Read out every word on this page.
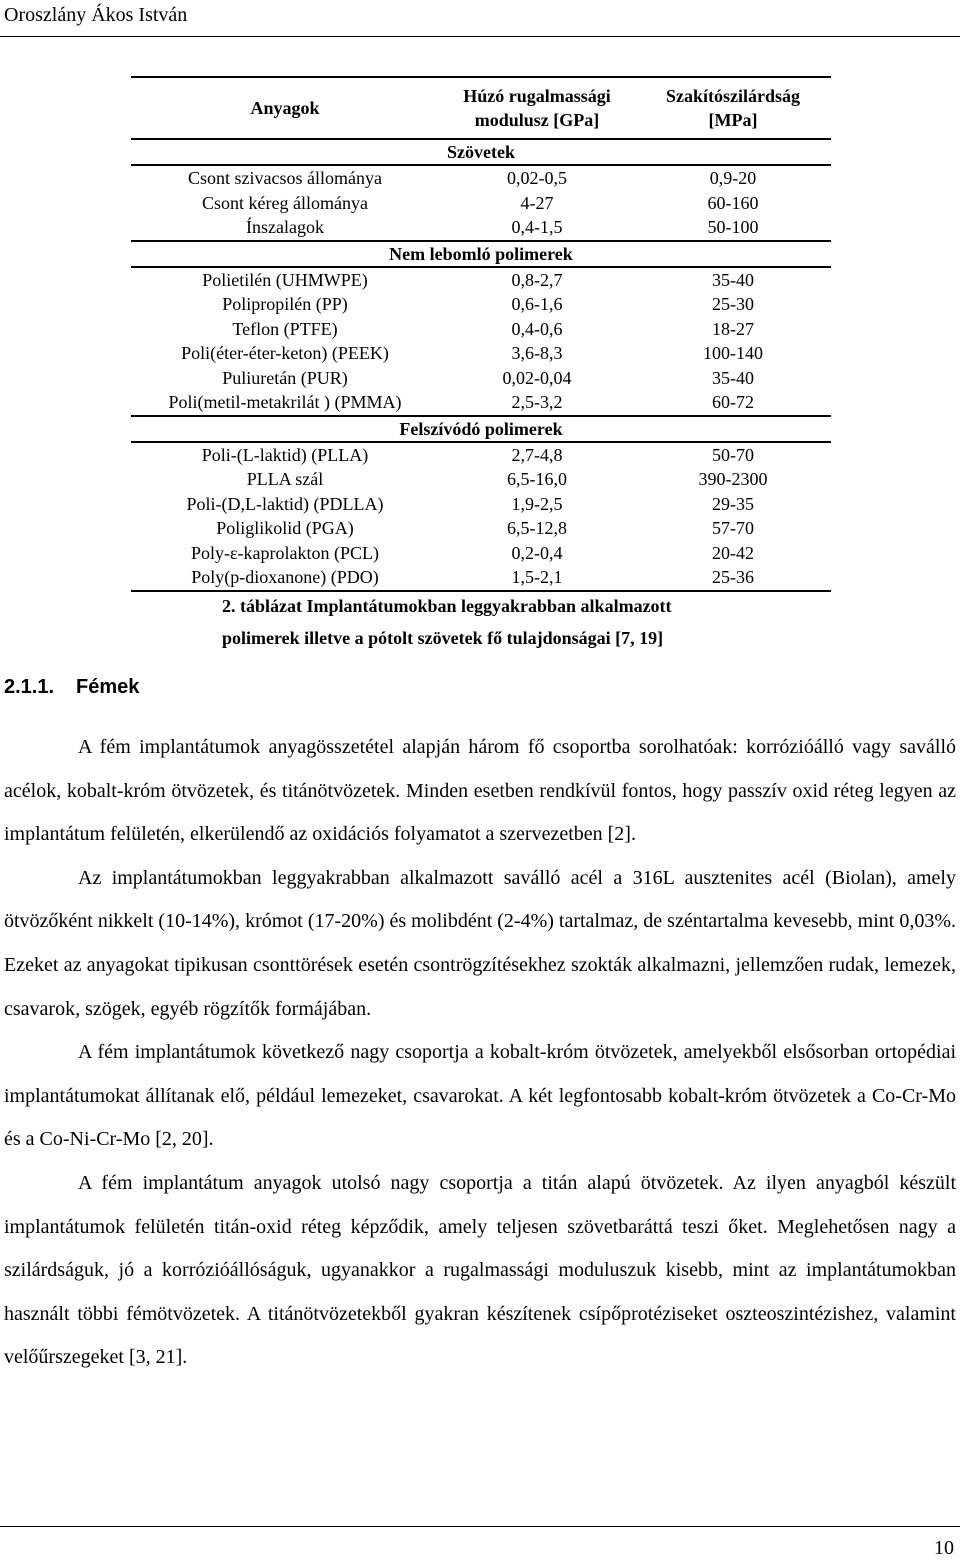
Oroszlány Ákos István
Anyagok	Húzó rugalmassági modulusz [GPa]	Szakítószilárdság [MPa]
Szövetek		
Csont szivacsos állománya	0,02-0,5	0,9-20
Csont kéreg állománya	4-27	60-160
Ínszalagok	0,4-1,5	50-100
Nem lebomló polimerek		
Polietilén (UHMWPE)	0,8-2,7	35-40
Polipropilén (PP)	0,6-1,6	25-30
Teflon (PTFE)	0,4-0,6	18-27
Poli(éter-éter-keton) (PEEK)	3,6-8,3	100-140
Puliuretán (PUR)	0,02-0,04	35-40
Poli(metil-metakrilát ) (PMMA)	2,5-3,2	60-72
Felszívódó polimerek		
Poli-(L-laktid) (PLLA)	2,7-4,8	50-70
PLLA szál	6,5-16,0	390-2300
Poli-(D,L-laktid) (PDLLA)	1,9-2,5	29-35
Poliglikolid (PGA)	6,5-12,8	57-70
Poly-ε-kaprolakton (PCL)	0,2-0,4	20-42
Poly(p-dioxanone) (PDO)	1,5-2,1	25-36
2. táblázat Implantátumokban leggyakrabban alkalmazott
polimerek illetve a pótolt szövetek fő tulajdonságai [7, 19]
2.1.1. Fémek

A fém implantátumok anyagösszetétel alapján három fő csoportba sorolhatóak: korrózióálló vagy saválló acélok, kobalt-króm ötvözetek, és titánötvözetek. Minden esetben rendkívül fontos, hogy passzív oxid réteg legyen az implantátum felületén, elkerülendő az oxidációs folyamatot a szervezetben [2].

Az implantátumokban leggyakrabban alkalmazott saválló acél a 316L ausztenites acél (Biolan), amely ötvözőként nikkelt (10-14%), krómot (17-20%) és molibdént (2-4%) tartalmaz, de széntartalma kevesebb, mint 0,03%. Ezeket az anyagokat tipikusan csonttörések esetén csontrögzítésekhez szokták alkalmazni, jellemzően rudak, lemezek, csavarok, szögek, egyéb rögzítők formájában.

A fém implantátumok következő nagy csoportja a kobalt-króm ötvözetek, amelyekből elsősorban ortopédiai implantátumokat állítanak elő, például lemezeket, csavarokat. A két legfontosabb kobalt-króm ötvözetek a Co-Cr-Mo és a Co-Ni-Cr-Mo [2, 20].

A fém implantátum anyagok utolsó nagy csoportja a titán alapú ötvözetek. Az ilyen anyagból készült implantátumok felületén titán-oxid réteg képződik, amely teljesen szövetbaráttá teszi őket. Meglehetősen nagy a szilárdságuk, jó a korrózióállóságuk, ugyanakkor a rugalmassági moduluszuk kisebb, mint az implantátumokban használt többi fémötvözetek. A titánötvözetekből gyakran készítenek csípőprotéziseket oszteoszintézishez, valamint velőűrszegeket [3, 21].

10
